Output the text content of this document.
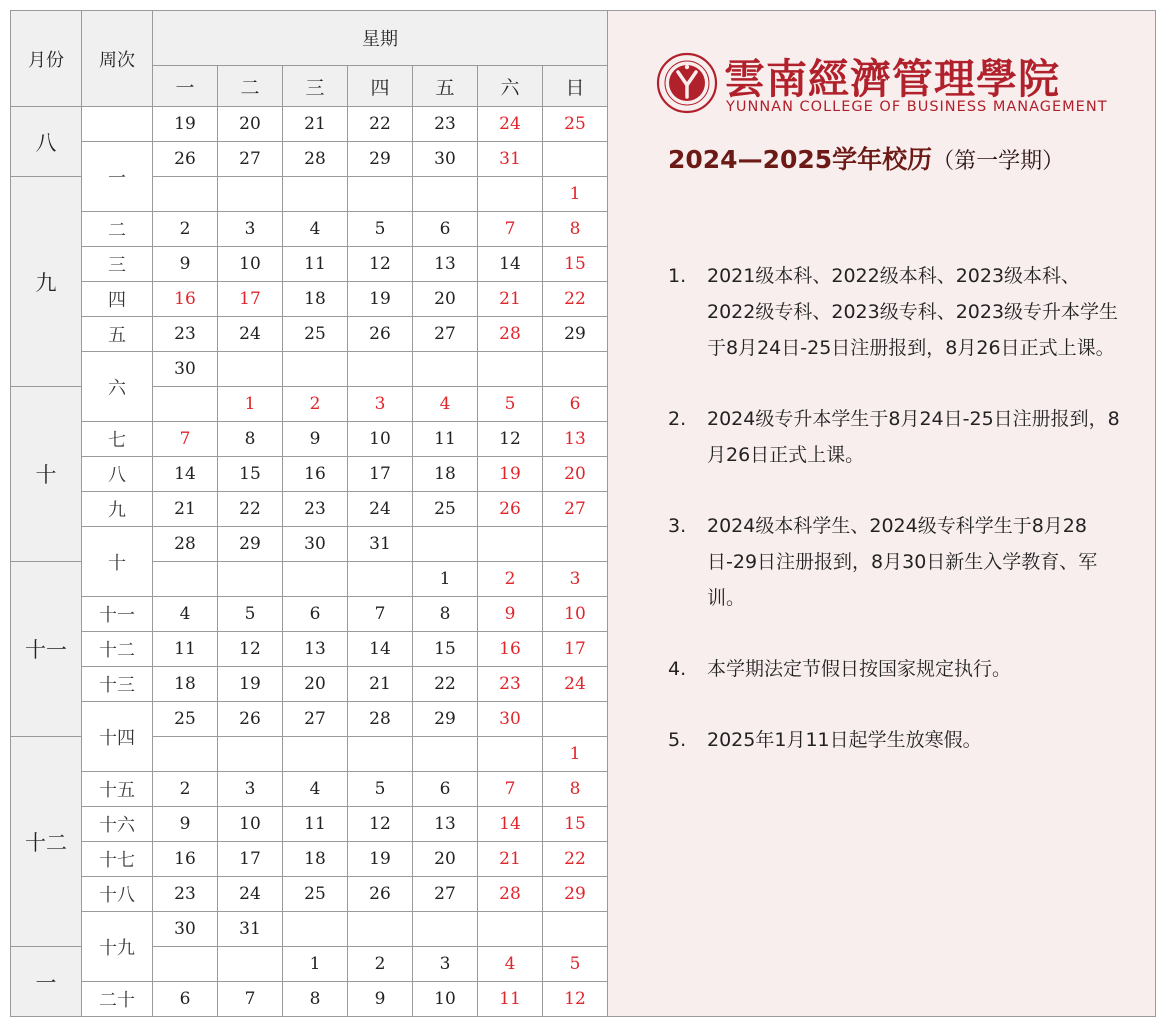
月份	周次	星期						
		一	二	三	四	五	六	日
八		19	20	21	22	23	24	25
	一	26	27	28	29	30	31	
九								1
	二	2	3	4	5	6	7	8
	三	9	10	11	12	13	14	15
	四	16	17	18	19	20	21	22
	五	23	24	25	26	27	28	29
	六	30						
十			1	2	3	4	5	6
	七	7	8	9	10	11	12	13
	八	14	15	16	17	18	19	20
	九	21	22	23	24	25	26	27
	十	28	29	30	31			
十一						1	2	3
	十一	4	5	6	7	8	9	10
	十二	11	12	13	14	15	16	17
	十三	18	19	20	21	22	23	24
	十四	25	26	27	28	29	30	
十二								1
	十五	2	3	4	5	6	7	8
	十六	9	10	11	12	13	14	15
	十七	16	17	18	19	20	21	22
	十八	23	24	25	26	27	28	29
	十九	30	31					
一				1	2	3	4	5
	二十	6	7	8	9	10	11	12
雲南經濟管理學院
YUNNAN COLLEGE OF BUSINESS MANAGEMENT
2024—2025学年校历（第一学期）
1. 2021级本科、2022级本科、2023级本科、2022级专科、2023级专科、2023级专升本学生于8月24日-25日注册报到，8月26日正式上课。
2. 2024级专升本学生于8月24日-25日注册报到，8月26日正式上课。
3. 2024级本科学生、2024级专科学生于8月28日-29日注册报到，8月30日新生入学教育、军训。
4. 本学期法定节假日按国家规定执行。
5. 2025年1月11日起学生放寒假。
